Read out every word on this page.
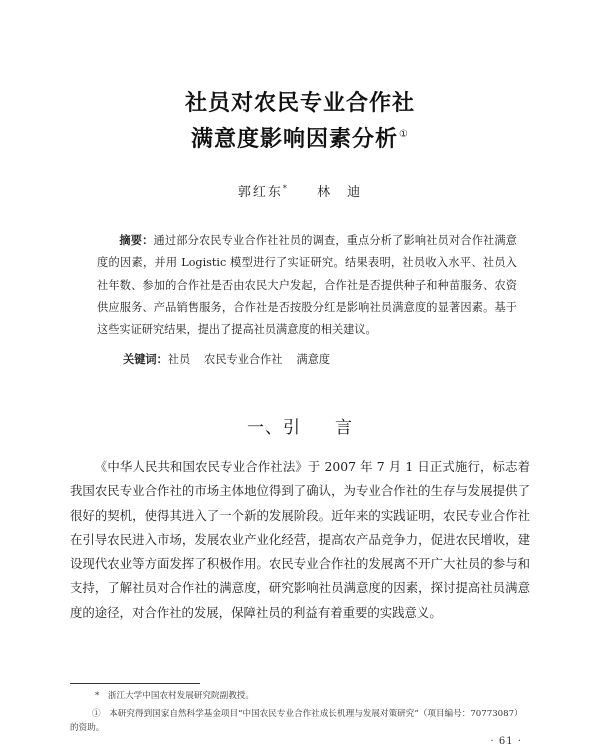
社员对农民专业合作社
满意度影响因素分析①
郭红东* 林　迪
摘要：通过部分农民专业合作社社员的调查，重点分析了影响社员对合作社满意度的因素，并用 Logistic 模型进行了实证研究。结果表明，社员收入水平、社员入社年数、参加的合作社是否由农民大户发起，合作社是否提供种子和种苗服务、农资供应服务、产品销售服务，合作社是否按股分红是影响社员满意度的显著因素。基于这些实证研究结果，提出了提高社员满意度的相关建议。
关键词：社员 农民专业合作社 满意度
一、引 言
《中华人民共和国农民专业合作社法》于 2007 年 7 月 1 日正式施行，标志着我国农民专业合作社的市场主体地位得到了确认，为专业合作社的生存与发展提供了很好的契机，使得其进入了一个新的发展阶段。近年来的实践证明，农民专业合作社在引导农民进入市场，发展农业产业化经营，提高农产品竞争力，促进农民增收，建设现代农业等方面发挥了积极作用。农民专业合作社的发展离不开广大社员的参与和支持，了解社员对合作社的满意度，研究影响社员满意度的因素，探讨提高社员满意度的途径，对合作社的发展，保障社员的利益有着重要的实践意义。
*　浙江大学中国农村发展研究院副教授。
①　本研究得到国家自然科学基金项目“中国农民专业合作社成长机理与发展对策研究”（项目编号：70773087）的资助。
· 61 ·
